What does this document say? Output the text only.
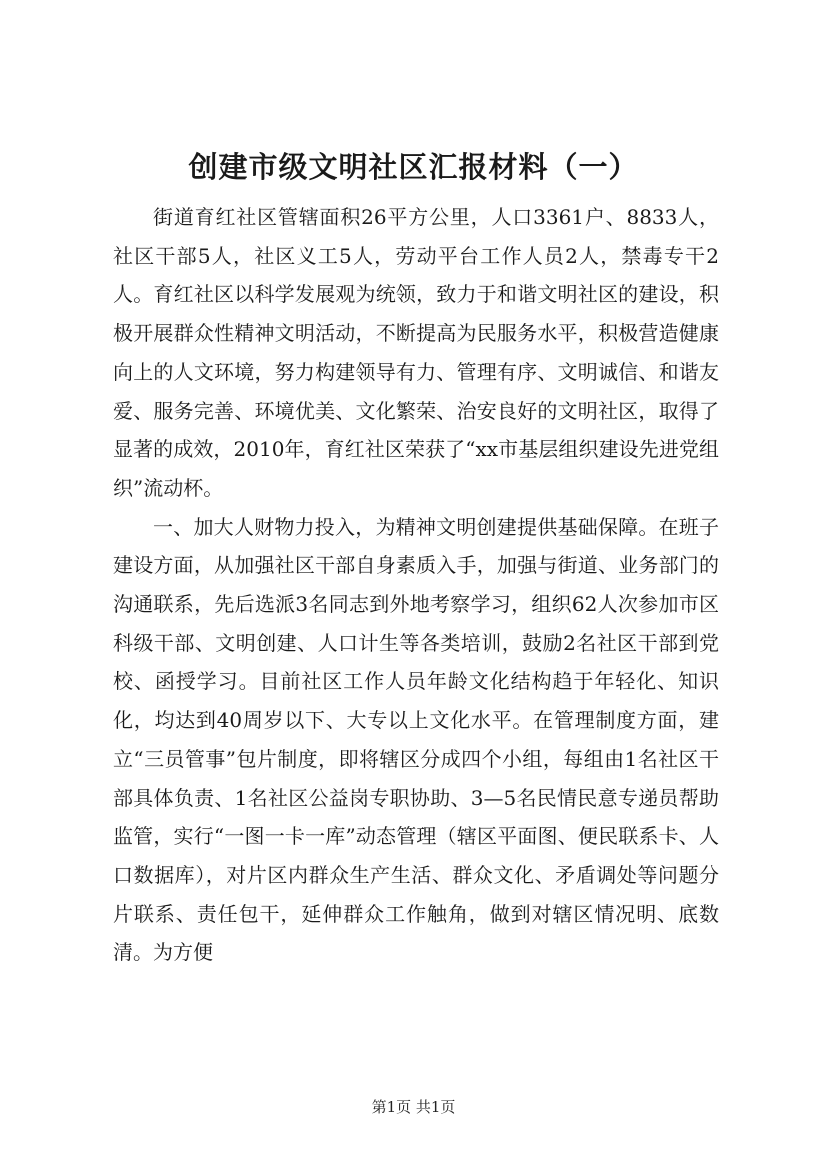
创建市级文明社区汇报材料（一）

街道育红社区管辖面积26平方公里，人口3361户、8833人，社区干部5人，社区义工5人，劳动平台工作人员2人，禁毒专干2人。育红社区以科学发展观为统领，致力于和谐文明社区的建设，积极开展群众性精神文明活动，不断提高为民服务水平，积极营造健康向上的人文环境，努力构建领导有力、管理有序、文明诚信、和谐友爱、服务完善、环境优美、文化繁荣、治安良好的文明社区，取得了显著的成效，2010年，育红社区荣获了“xx市基层组织建设先进党组织”流动杯。

一、加大人财物力投入，为精神文明创建提供基础保障。在班子建设方面，从加强社区干部自身素质入手，加强与街道、业务部门的沟通联系，先后选派3名同志到外地考察学习，组织62人次参加市区科级干部、文明创建、人口计生等各类培训，鼓励2名社区干部到党校、函授学习。目前社区工作人员年龄文化结构趋于年轻化、知识化，均达到40周岁以下、大专以上文化水平。在管理制度方面，建立“三员管事”包片制度，即将辖区分成四个小组，每组由1名社区干部具体负责、1名社区公益岗专职协助、3—5名民情民意专递员帮助监管，实行“一图一卡一库”动态管理（辖区平面图、便民联系卡、人口数据库），对片区内群众生产生活、群众文化、矛盾调处等问题分片联系、责任包干，延伸群众工作触角，做到对辖区情况明、底数清。为方便

第1页 共1页
